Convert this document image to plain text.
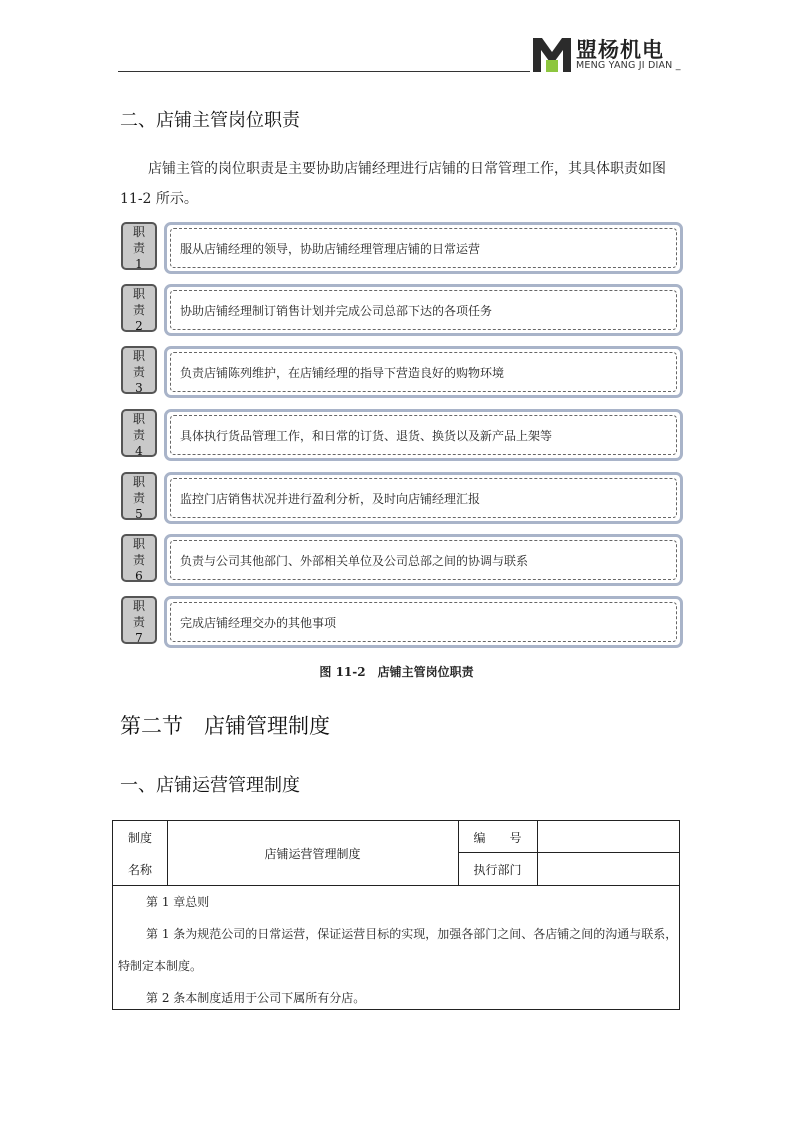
盟杨机电
MENG YANG JI DIAN _
二、店铺主管岗位职责
店铺主管的岗位职责是主要协助店铺经理进行店铺的日常管理工作，其具体职责如图
11-2 所示。
职
责
1
服从店铺经理的领导，协助店铺经理管理店铺的日常运营
职
责
2
协助店铺经理制订销售计划并完成公司总部下达的各项任务
职
责
3
负责店铺陈列维护，在店铺经理的指导下营造良好的购物环境
职
责
4
具体执行货品管理工作，和日常的订货、退货、换货以及新产品上架等
职
责
5
监控门店销售状况并进行盈利分析，及时向店铺经理汇报
职
责
6
负责与公司其他部门、外部相关单位及公司总部之间的协调与联系
职
责
7
完成店铺经理交办的其他事项
图 11-2　店铺主管岗位职责
第二节　店铺管理制度
一、店铺运营管理制度
制度
名称
店铺运营管理制度
编　　号
执行部门

第 1 章总则

第 1 条为规范公司的日常运营，保证运营目标的实现，加强各部门之间、各店铺之间的沟通与联系，

特制定本制度。

第 2 条本制度适用于公司下属所有分店。
